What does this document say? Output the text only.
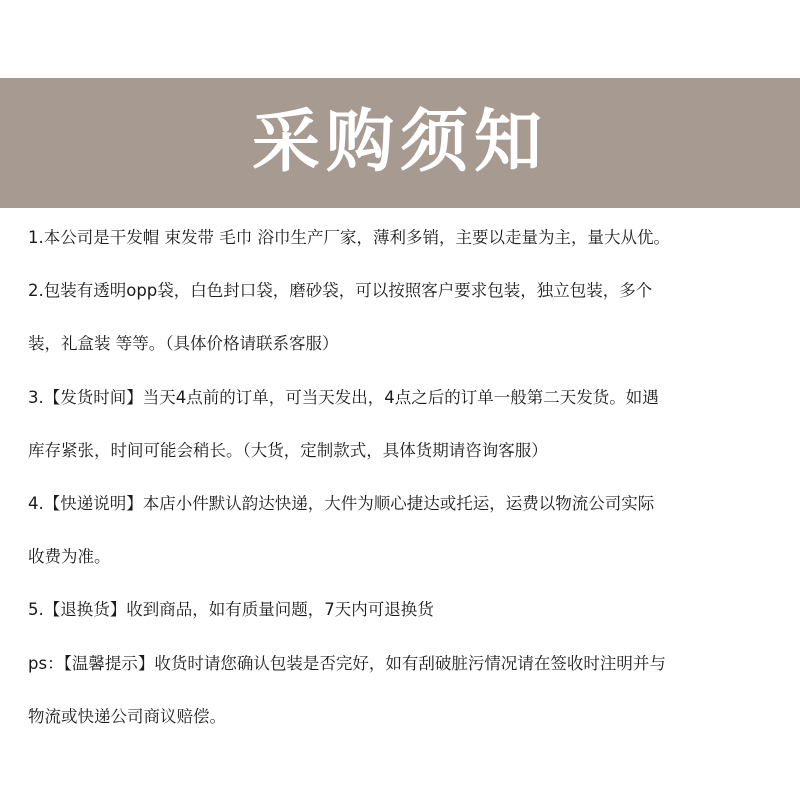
采购须知
1.本公司是干发帽 束发带 毛巾 浴巾生产厂家，薄利多销，主要以走量为主，量大从优。
2.包装有透明opp袋，白色封口袋，磨砂袋，可以按照客户要求包装，独立包装，多个
装，礼盒装 等等。（具体价格请联系客服）
3.【发货时间】当天4点前的订单，可当天发出，4点之后的订单一般第二天发货。如遇
库存紧张，时间可能会稍长。（大货，定制款式，具体货期请咨询客服）
4.【快递说明】本店小件默认韵达快递，大件为顺心捷达或托运，运费以物流公司实际
收费为准。
5.【退换货】收到商品，如有质量问题，7天内可退换货
ps：【温馨提示】收货时请您确认包装是否完好，如有刮破脏污情况请在签收时注明并与
物流或快递公司商议赔偿。
